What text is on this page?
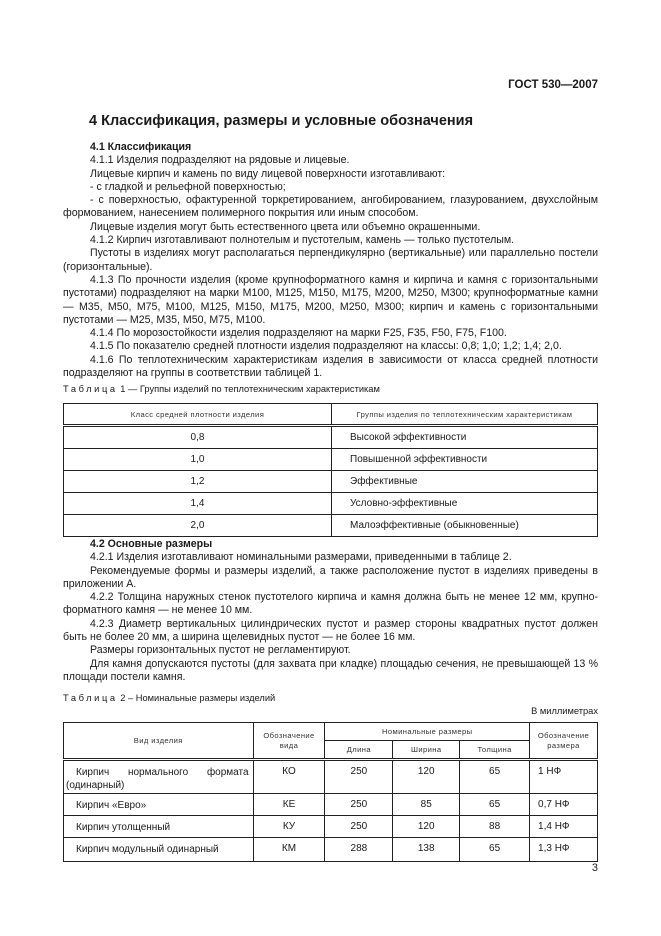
ГОСТ 530—2007
4 Классификация, размеры и условные обозначения

4.1 Классификация

4.1.1 Изделия подразделяют на рядовые и лицевые.

Лицевые кирпич и камень по виду лицевой поверхности изготавливают:

- с гладкой и рельефной поверхностью;

- с поверхностью, офактуренной торкретированием, ангобированием, глазурованием, двухслойным формованием, нанесением полимерного покрытия или иным способом.

Лицевые изделия могут быть естественного цвета или объемно окрашенными.

4.1.2 Кирпич изготавливают полнотелым и пустотелым, камень — только пустотелым.

Пустоты в изделиях могут располагаться перпендикулярно (вертикальные) или параллельно постели (горизонтальные).

4.1.3 По прочности изделия (кроме крупноформатного камня и кирпича и камня с горизонтальными пустотами) подразделяют на марки М100, М125, М150, М175, М200, М250, М300; крупноформатные камни — М35, М50, М75, М100, М125, М150, М175, М200, М250, М300; кирпич и камень с горизонтальными пустотами — М25, М35, М50, М75, М100.

4.1.4 По морозостойкости изделия подразделяют на марки F25, F35, F50, F75, F100.

4.1.5 По показателю средней плотности изделия подразделяют на классы: 0,8; 1,0; 1,2; 1,4; 2,0.

4.1.6 По теплотехническим характеристикам изделия в зависимости от класса средней плотности подразделяют на группы в соответствии таблицей 1.

Таблица 1 — Группы изделий по теплотехническим характеристикам
Класс средней плотности изделия	Группы изделия по теплотехническим характеристикам
0,8	Высокой эффективности
1,0	Повышенной эффективности
1,2	Эффективные
1,4	Условно-эффективные
2,0	Малоэффективные (обыкновенные)

4.2 Основные размеры

4.2.1 Изделия изготавливают номинальными размерами, приведенными в таблице 2.

Рекомендуемые формы и размеры изделий, а также расположение пустот в изделиях приведены в приложении А.

4.2.2 Толщина наружных стенок пустотелого кирпича и камня должна быть не менее 12 мм, крупно-форматного камня — не менее 10 мм.

4.2.3 Диаметр вертикальных цилиндрических пустот и размер стороны квадратных пустот должен быть не более 20 мм, а ширина щелевидных пустот — не более 16 мм.

Размеры горизонтальных пустот не регламентируют.

Для камня допускаются пустоты (для захвата при кладке) площадью сечения, не превышающей 13 % площади постели камня.

Таблица 2 – Номинальные размеры изделий
В миллиметрах
Вид изделия	Обозначение вида	Номинальные размеры			Обозначение размера
		Длина	Ширина	Толщина	
Кирпич нормального формата (одинарный)	КО	250	120	65	1 НФ
Кирпич «Евро»	КЕ	250	85	65	0,7 НФ
Кирпич утолщенный	КУ	250	120	88	1,4 НФ
Кирпич модульный одинарный	КМ	288	138	65	1,3 НФ
3
